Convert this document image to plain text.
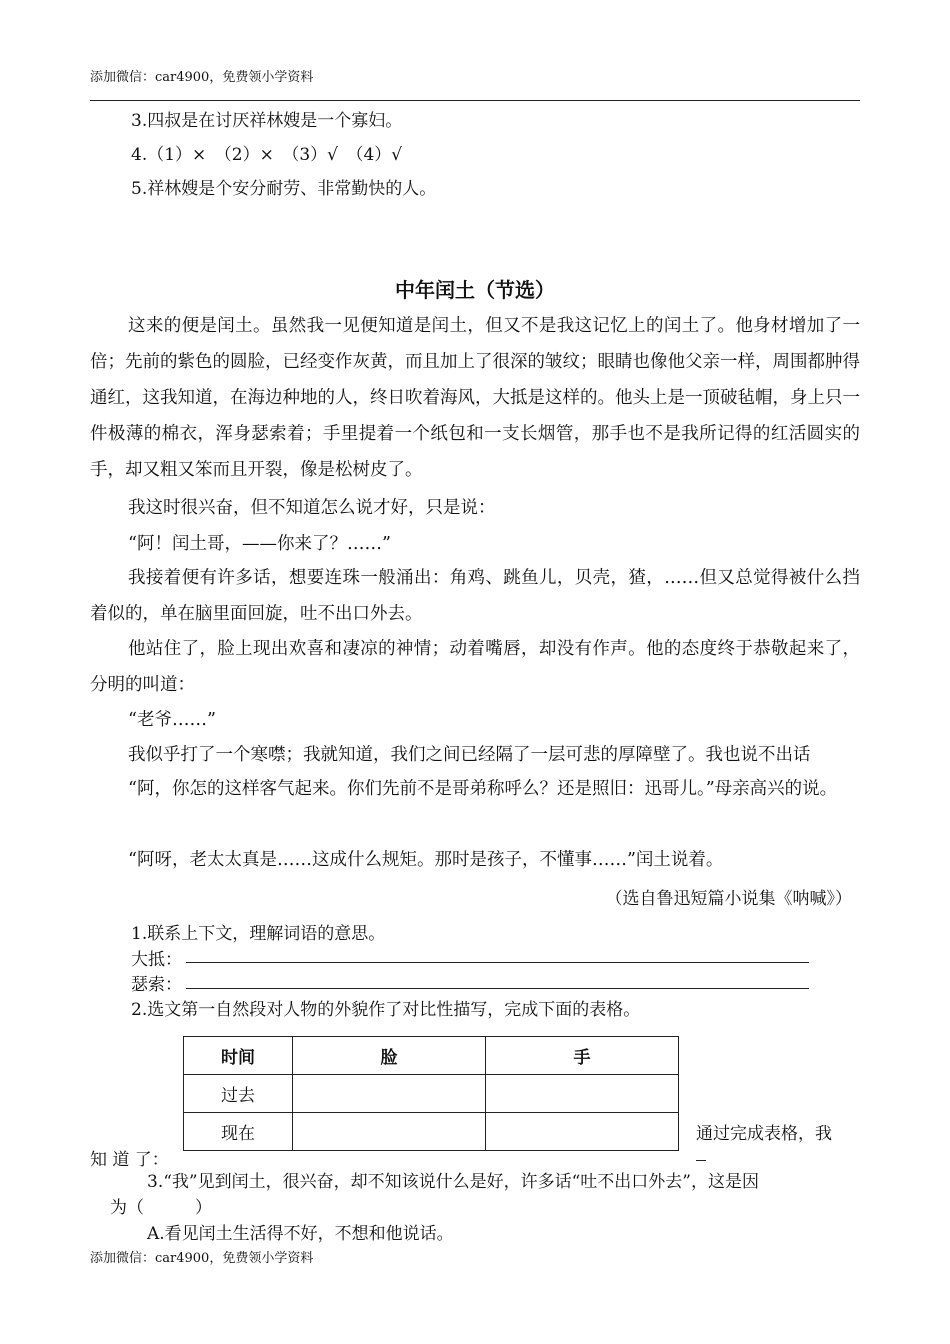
添加微信：car4900，免费领小学资料
3.四叔是在讨厌祥林嫂是一个寡妇。
4.（1）×　（2）×　（3）√　（4）√
5.祥林嫂是个安分耐劳、非常勤快的人。
中年闰土（节选）
这来的便是闰土。虽然我一见便知道是闰土，但又不是我这记忆上的闰土了。他身材增加了一倍；先前的紫色的圆脸，已经变作灰黄，而且加上了很深的皱纹；眼睛也像他父亲一样，周围都肿得通红，这我知道，在海边种地的人，终日吹着海风，大抵是这样的。他头上是一顶破毡帽，身上只一件极薄的棉衣，浑身瑟索着；手里提着一个纸包和一支长烟管，那手也不是我所记得的红活圆实的手，却又粗又笨而且开裂，像是松树皮了。
我这时很兴奋，但不知道怎么说才好，只是说：
“阿！闰土哥，——你来了？……”
我接着便有许多话，想要连珠一般涌出：角鸡、跳鱼儿，贝壳，猹，……但又总觉得被什么挡着似的，单在脑里面回旋，吐不出口外去。
他站住了，脸上现出欢喜和凄凉的神情；动着嘴唇，却没有作声。他的态度终于恭敬起来了，分明的叫道：
“老爷……”
我似乎打了一个寒噤；我就知道，我们之间已经隔了一层可悲的厚障壁了。我也说不出话
“阿，你怎的这样客气起来。你们先前不是哥弟称呼么？还是照旧：迅哥儿。”母亲高兴的说。
“阿呀，老太太真是……这成什么规矩。那时是孩子，不懂事……”闰土说着。
（选自鲁迅短篇小说集《呐喊》）
1.联系上下文，理解词语的意思。
大抵：
瑟索：
2.选文第一自然段对人物的外貌作了对比性描写，完成下面的表格。
时间	脸	手
过去		
现在			通过完成表格，我
知 道 了：
3.“我”见到闰土，很兴奋，却不知该说什么是好，许多话“吐不出口外去”，这是因
为（　　　）
A.看见闰土生活得不好，不想和他说话。
添加微信：car4900，免费领小学资料
